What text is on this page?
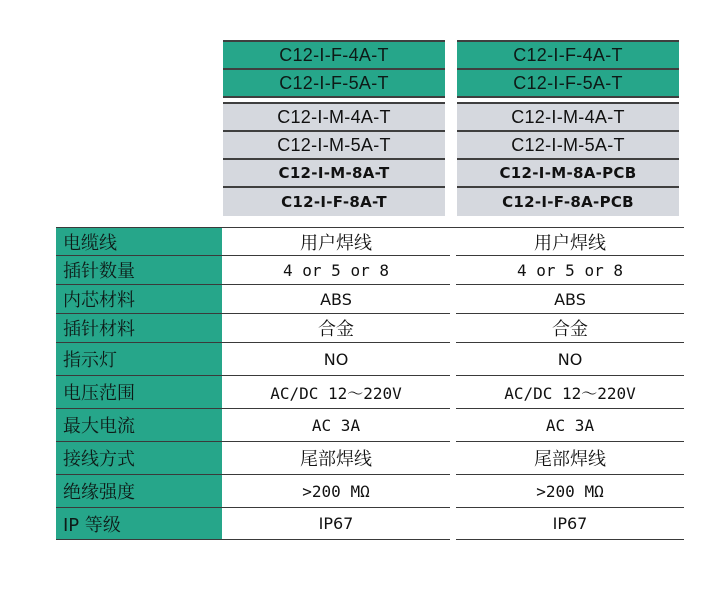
C12-I-F-4A-T
C12-I-F-5A-T
C12-I-M-4A-T
C12-I-M-5A-T
C12-I-M-8A-T
C12-I-F-8A-T
C12-I-F-4A-T
C12-I-F-5A-T
C12-I-M-4A-T
C12-I-M-5A-T
C12-I-M-8A-PCB
C12-I-F-8A-PCB
电缆线
插针数量
内芯材料
插针材料
指示灯
电压范围
最大电流
接线方式
绝缘强度
IP 等级
用户焊线
4 or 5 or 8
ABS
合金
NO
AC/DC 12～220V
AC 3A
尾部焊线
>200 MΩ
IP67
用户焊线
4 or 5 or 8
ABS
合金
NO
AC/DC 12～220V
AC 3A
尾部焊线
>200 MΩ
IP67
